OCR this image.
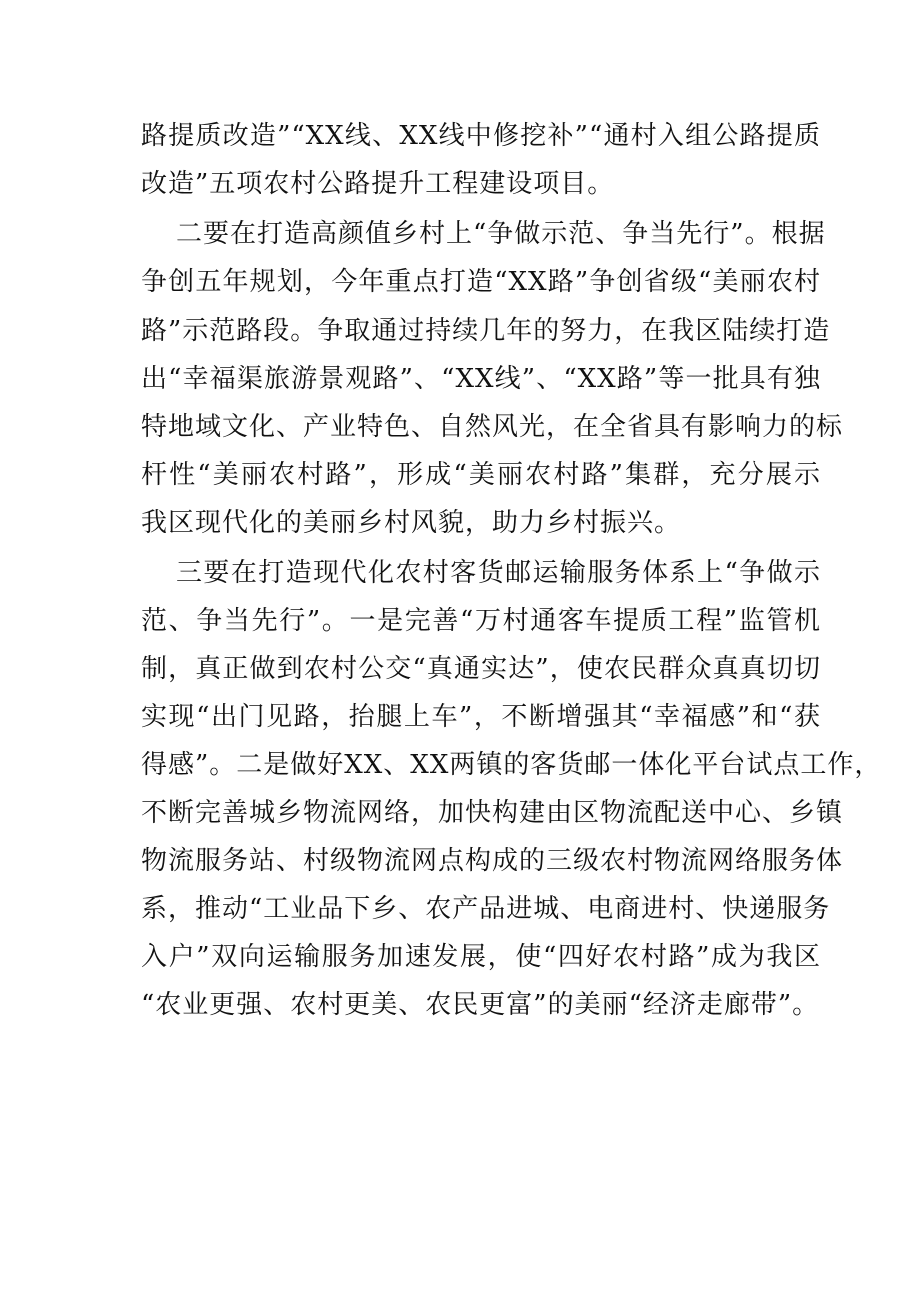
路提质改造”“XX线、XX线中修挖补”“通村入组公路提质
改造”五项农村公路提升工程建设项目。
二要在打造高颜值乡村上“争做示范、争当先行”。根据
争创五年规划，今年重点打造“XX路”争创省级“美丽农村
路”示范路段。争取通过持续几年的努力，在我区陆续打造
出“幸福渠旅游景观路”、“XX线”、“XX路”等一批具有独
特地域文化、产业特色、自然风光，在全省具有影响力的标
杆性“美丽农村路”，形成“美丽农村路”集群，充分展示
我区现代化的美丽乡村风貌，助力乡村振兴。
三要在打造现代化农村客货邮运输服务体系上“争做示
范、争当先行”。一是完善“万村通客车提质工程”监管机
制，真正做到农村公交“真通实达”，使农民群众真真切切
实现“出门见路，抬腿上车”，不断增强其“幸福感”和“获
得感”。二是做好XX、XX两镇的客货邮一体化平台试点工作，
不断完善城乡物流网络，加快构建由区物流配送中心、乡镇
物流服务站、村级物流网点构成的三级农村物流网络服务体
系，推动“工业品下乡、农产品进城、电商进村、快递服务
入户”双向运输服务加速发展，使“四好农村路”成为我区
“农业更强、农村更美、农民更富”的美丽“经济走廊带”。
